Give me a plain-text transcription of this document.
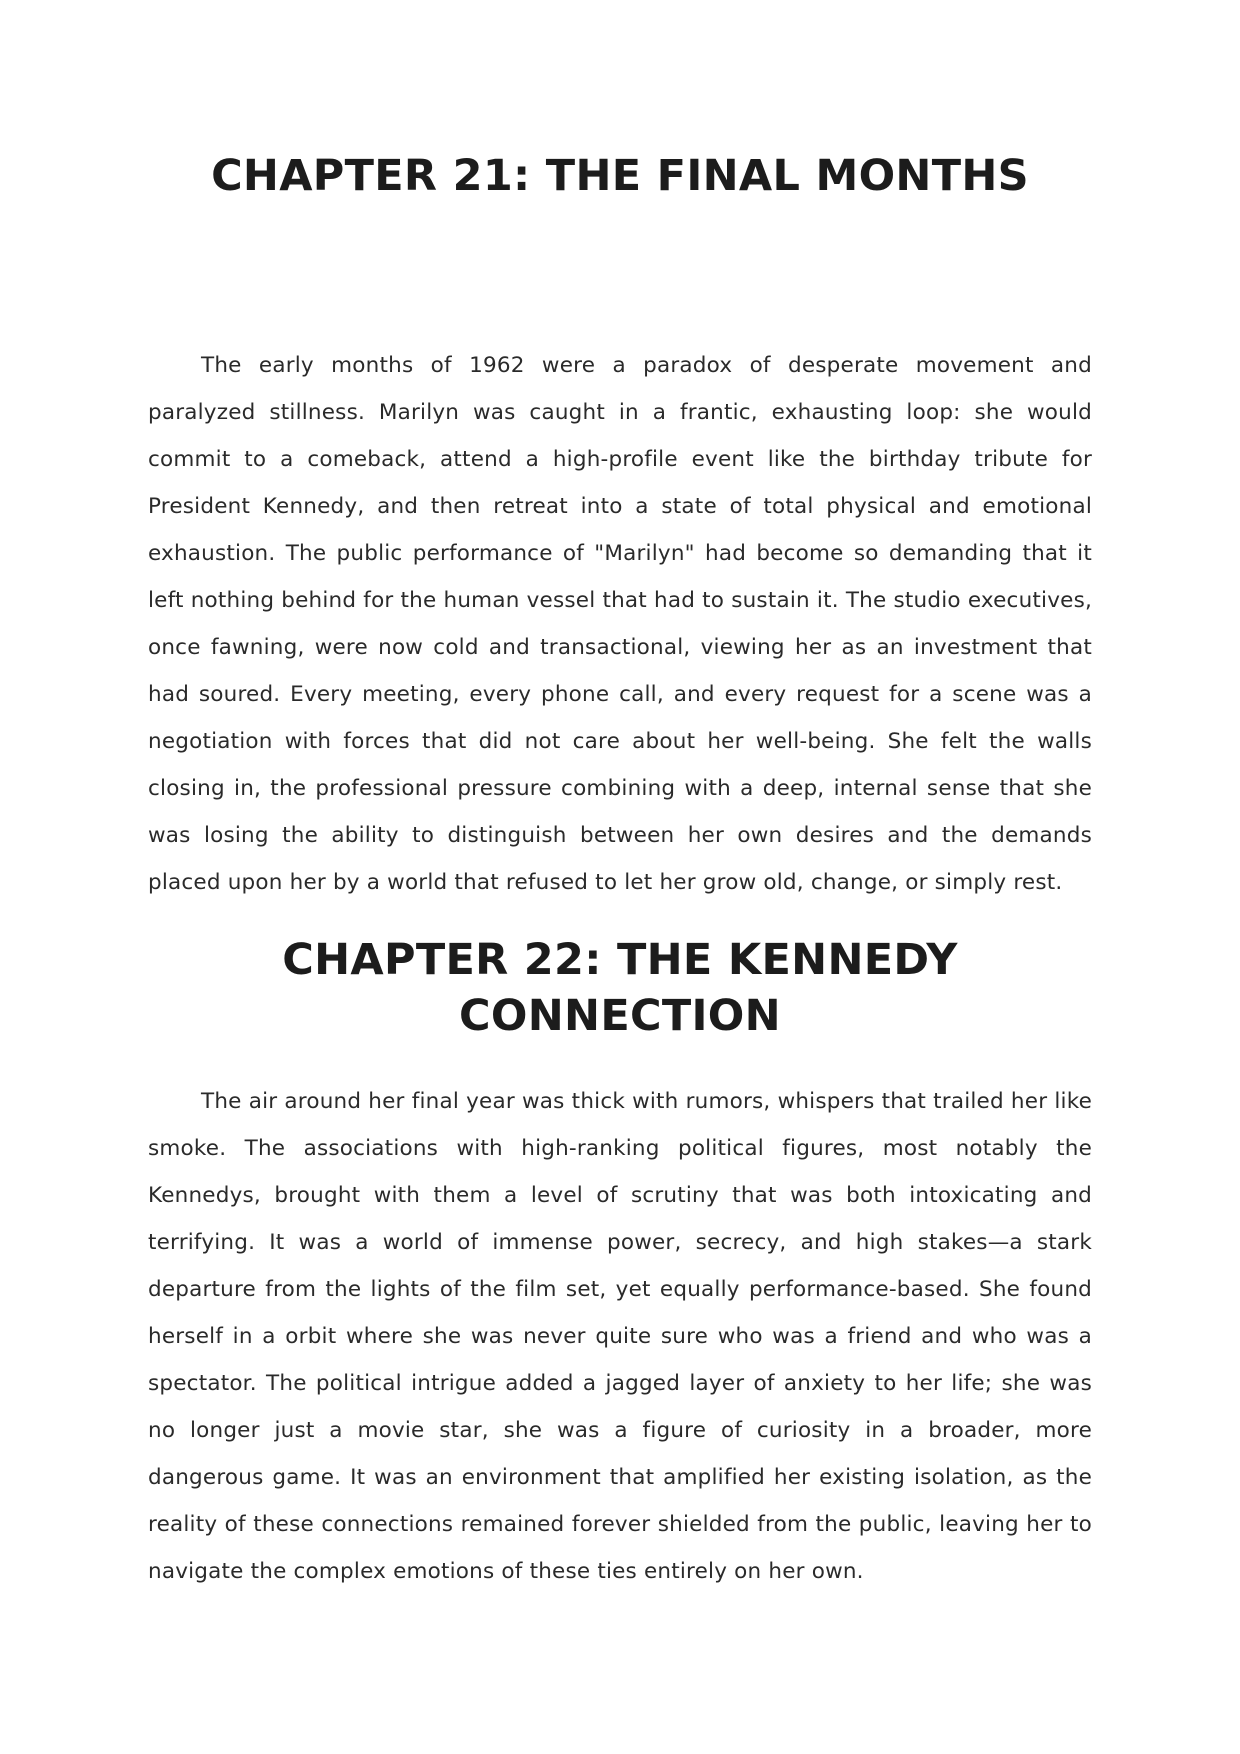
CHAPTER 21: THE FINAL MONTHS

The early months of 1962 were a paradox of desperate movement and paralyzed stillness. Marilyn was caught in a frantic, exhausting loop: she would commit to a comeback, attend a high-profile event like the birthday tribute for President Kennedy, and then retreat into a state of total physical and emotional exhaustion. The public performance of "Marilyn" had become so demanding that it left nothing behind for the human vessel that had to sustain it. The studio executives, once fawning, were now cold and transactional, viewing her as an investment that had soured. Every meeting, every phone call, and every request for a scene was a negotiation with forces that did not care about her well-being. She felt the walls closing in, the professional pressure combining with a deep, internal sense that she was losing the ability to distinguish between her own desires and the demands placed upon her by a world that refused to let her grow old, change, or simply rest.

CHAPTER 22: THE KENNEDY CONNECTION

The air around her final year was thick with rumors, whispers that trailed her like smoke. The associations with high-ranking political figures, most notably the Kennedys, brought with them a level of scrutiny that was both intoxicating and terrifying. It was a world of immense power, secrecy, and high stakes—a stark departure from the lights of the film set, yet equally performance-based. She found herself in a orbit where she was never quite sure who was a friend and who was a spectator. The political intrigue added a jagged layer of anxiety to her life; she was no longer just a movie star, she was a figure of curiosity in a broader, more dangerous game. It was an environment that amplified her existing isolation, as the reality of these connections remained forever shielded from the public, leaving her to navigate the complex emotions of these ties entirely on her own.
